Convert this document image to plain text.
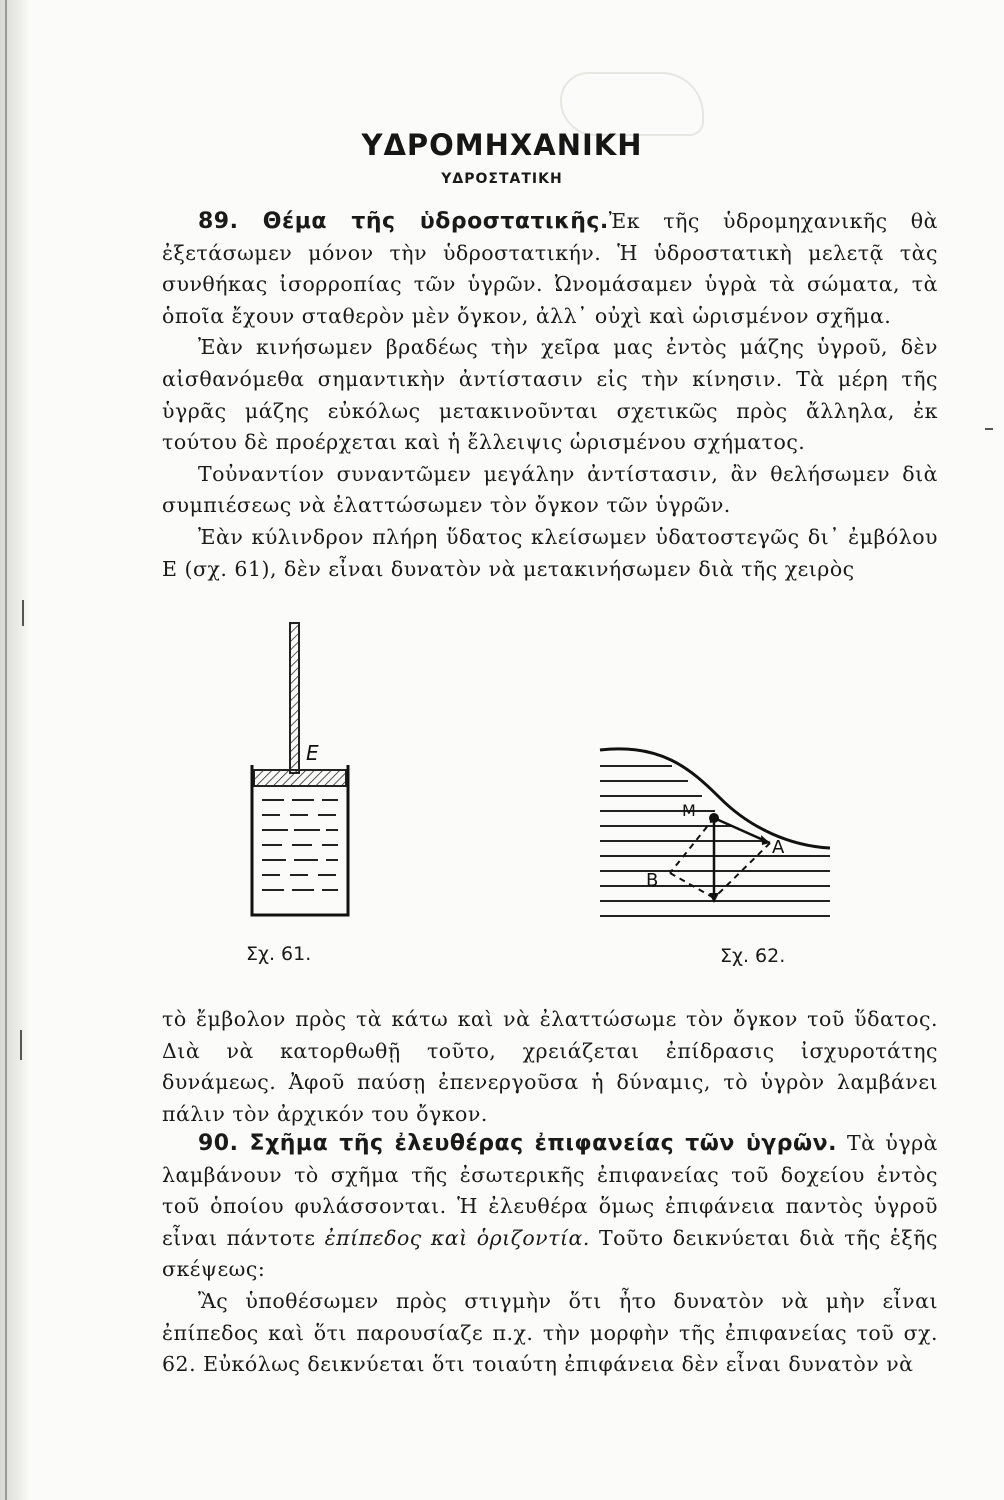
ΥΔΡΟΜΗΧΑΝΙΚΗ
ΥΔΡΟΣΤΑΤΙΚΗ

89. Θέμα τῆς ὑδροστατικῆς.Ἐκ τῆς ὑδρομηχανικῆς θὰ ἐξετάσωμεν μόνον τὴν ὑδροστατικήν. Ἡ ὑδροστατικὴ μελετᾷ τὰς συνθήκας ἰσορροπίας τῶν ὑγρῶν. Ὠνομάσαμεν ὑγρὰ τὰ σώματα, τὰ ὁποῖα ἔχουν σταθερὸν μὲν ὄγκον, ἀλλ᾿ οὐχὶ καὶ ὡρισμένον σχῆμα.

Ἐὰν κινήσωμεν βραδέως τὴν χεῖρα μας ἐντὸς μάζης ὑγροῦ, δὲν αἰσθανόμεθα σημαντικὴν ἀντίστασιν εἰς τὴν κίνησιν. Τὰ μέρη τῆς ὑγρᾶς μάζης εὐκόλως μετακινοῦνται σχετικῶς πρὸς ἄλληλα, ἐκ τούτου δὲ προέρχεται καὶ ἡ ἔλλειψις ὡρισμένου σχήματος.

Τοὐναντίον συναντῶμεν μεγάλην ἀντίστασιν, ἂν θελήσωμεν διὰ συμπιέσεως νὰ ἐλαττώσωμεν τὸν ὄγκον τῶν ὑγρῶν.

Ἐὰν κύλινδρον πλήρη ὕδατος κλείσωμεν ὑδατοστεγῶς δι᾿ ἐμβόλου Ε (σχ. 61), δὲν εἶναι δυνατὸν νὰ μετακινήσωμεν διὰ τῆς χειρὸς

Ε
Μ
Α
Β
Σχ. 61.	Σχ. 62.

τὸ ἔμβολον πρὸς τὰ κάτω καὶ νὰ ἐλαττώσωμε τὸν ὄγκον τοῦ ὕδατος. Διὰ νὰ κατορθωθῇ τοῦτο, χρειάζεται ἐπίδρασις ἰσχυροτάτης δυνάμεως. Ἀφοῦ παύσῃ ἐπενεργοῦσα ἡ δύναμις, τὸ ὑγρὸν λαμβάνει πάλιν τὸν ἀρχικόν του ὄγκον.

90. Σχῆμα τῆς ἐλευθέρας ἐπιφανείας τῶν ὑγρῶν. Τὰ ὑγρὰ λαμβάνουν τὸ σχῆμα τῆς ἐσωτερικῆς ἐπιφανείας τοῦ δοχείου ἐντὸς τοῦ ὁποίου φυλάσσονται. Ἡ ἐλευθέρα ὅμως ἐπιφάνεια παντὸς ὑγροῦ εἶναι πάντοτε ἐπίπεδος καὶ ὁριζοντία. Τοῦτο δεικνύεται διὰ τῆς ἑξῆς σκέψεως:

Ἂς ὑποθέσωμεν πρὸς στιγμὴν ὅτι ἦτο δυνατὸν νὰ μὴν εἶναι ἐπίπεδος καὶ ὅτι παρουσίαζε π.χ. τὴν μορφὴν τῆς ἐπιφανείας τοῦ σχ. 62. Εὐκόλως δεικνύεται ὅτι τοιαύτη ἐπιφάνεια δὲν εἶναι δυνατὸν νὰ
